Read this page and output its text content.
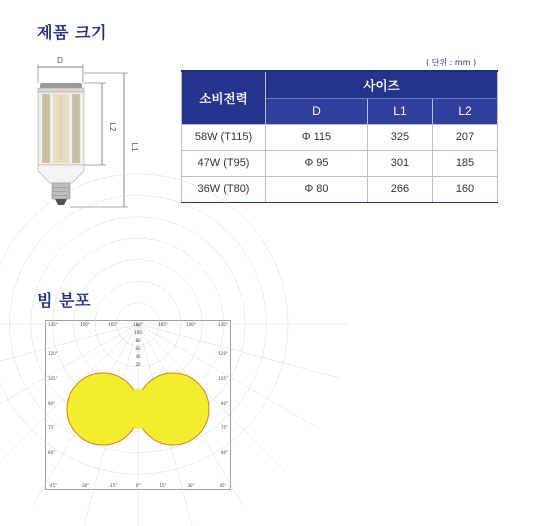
제품 크기
D
L2
L1
( 단위 : mm )
소비전력	사이즈		
	D	L1	L2
58W (T115)	Φ 115	325	207
47W (T95)	Φ 95	301	185
36W (T80)	Φ 80	266	160
빔 분포
135°	150°	165°	180°	165°	150°	135°
-45°	-30°	-15°	0°	15°	30°	45°
120°
105°
90°
75°
60°
120°
105°
90°
75°
60°
100
80
60
40
20
